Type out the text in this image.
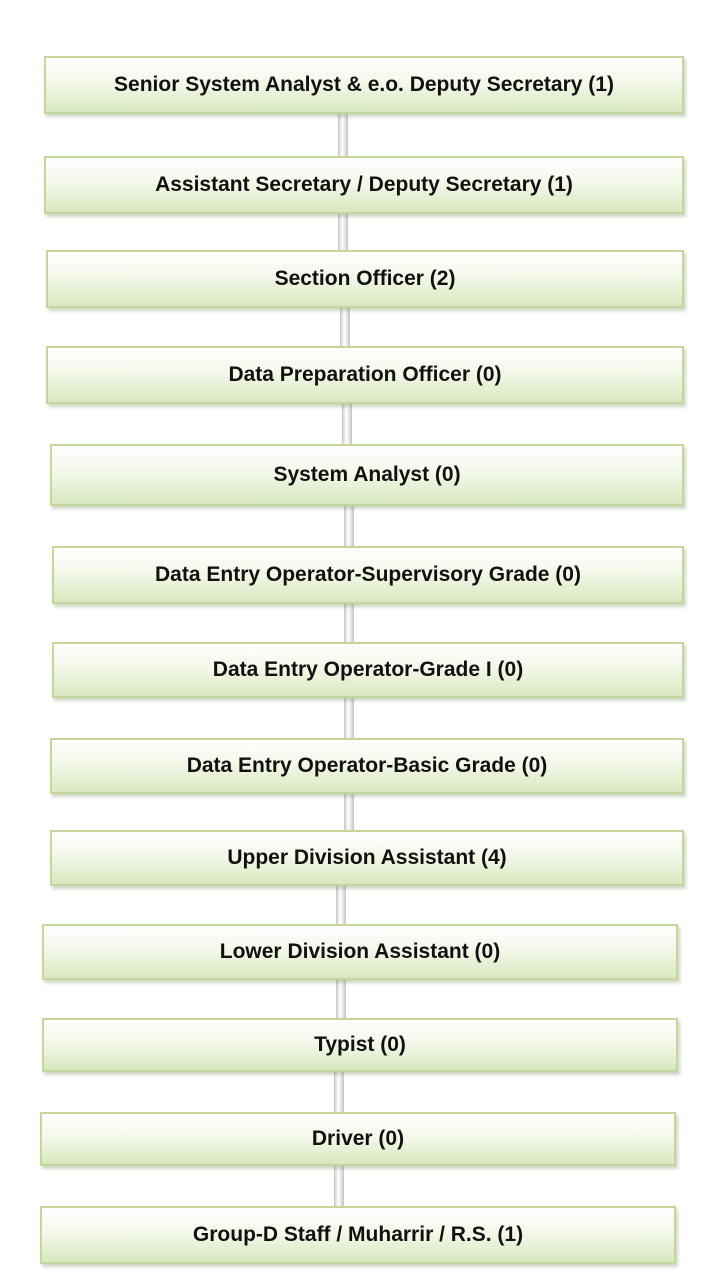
Senior System Analyst & e.o. Deputy Secretary (1)
Assistant Secretary / Deputy Secretary (1)
Section Officer (2)
Data Preparation Officer (0)
System Analyst (0)
Data Entry Operator-Supervisory Grade (0)
Data Entry Operator-Grade I (0)
Data Entry Operator-Basic Grade (0)
Upper Division Assistant (4)
Lower Division Assistant (0)
Typist (0)
Driver (0)
Group-D Staff / Muharrir / R.S. (1)
